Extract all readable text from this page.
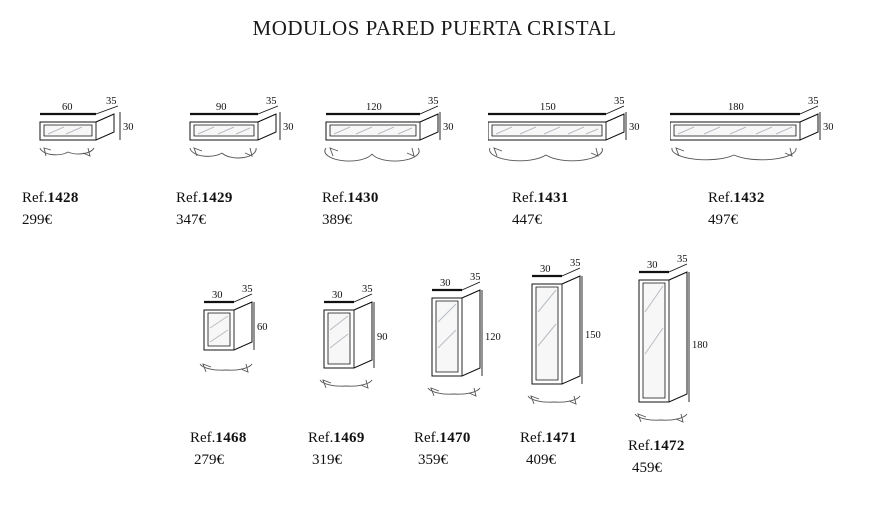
MODULOS PARED PUERTA CRISTAL
60
35
30
Ref.1428
299€
90
35
30
Ref.1429
347€
120
35
30
Ref.1430
389€
150
35
30
Ref.1431
447€
180
35
30
Ref.1432
497€
30
35
60
Ref.1468
279€
30
35
90
Ref.1469
319€
30
35
120
Ref.1470
359€
30
35
150
Ref.1471
409€
30
35
180
Ref.1472
459€
